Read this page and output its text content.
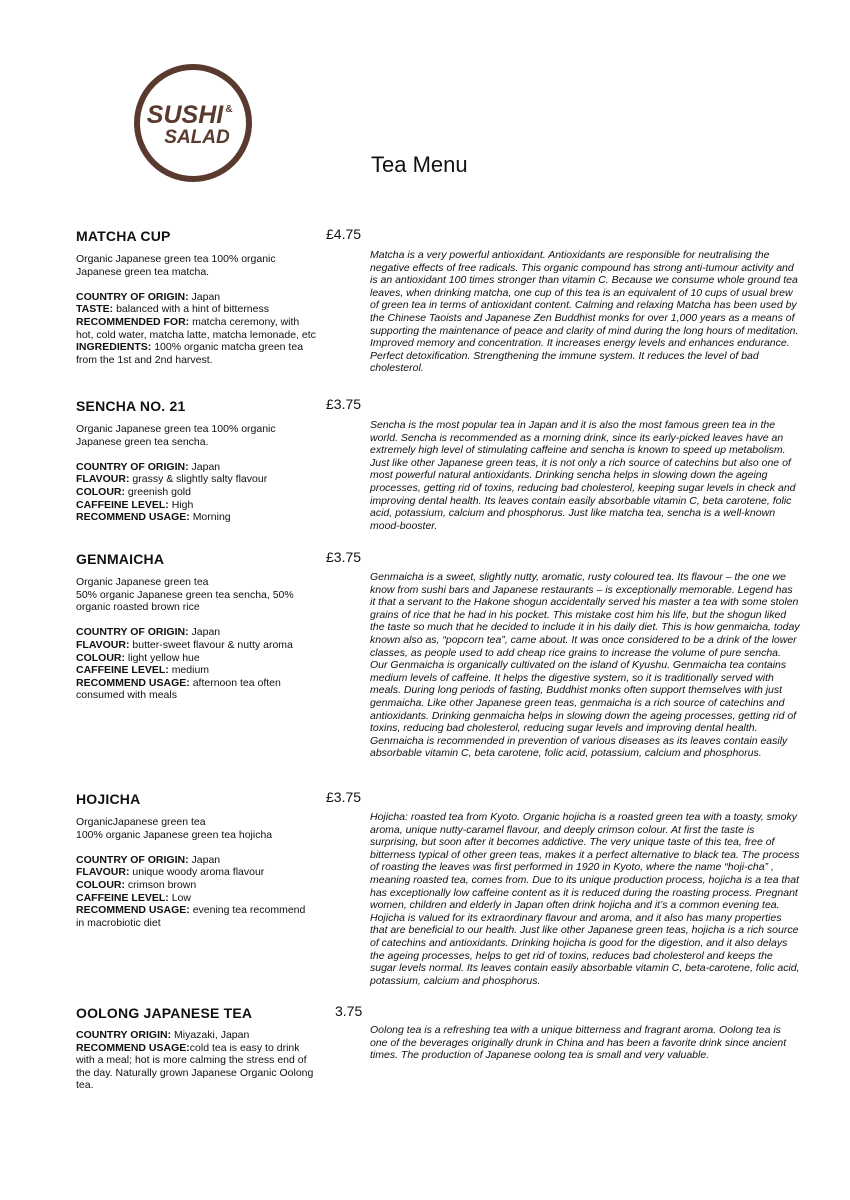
SUSHI &
SALAD
Tea Menu
MATCHA CUP	£4.75

Organic Japanese green tea 100% organic Japanese green tea matcha.

COUNTRY OF ORIGIN: Japan

TASTE: balanced with a hint of bitterness

RECOMMENDED FOR: matcha ceremony, with hot, cold water, matcha latte, matcha lemonade, etc

INGREDIENTS: 100% organic matcha green tea from the 1st and 2nd harvest.

Matcha is a very powerful antioxidant. Antioxidants are responsible for neutralising the negative effects of free radicals. This organic compound has strong anti-tumour activity and is an antioxidant 100 times stronger than vitamin C. Because we consume whole ground tea leaves, when drinking matcha, one cup of this tea is an equivalent of 10 cups of usual brew of green tea in terms of antioxidant content. Calming and relaxing Matcha has been used by the Chinese Taoists and Japanese Zen Buddhist monks for over 1,000 years as a means of supporting the maintenance of peace and clarity of mind during the long hours of meditation. Improved memory and concentration. It increases energy levels and enhances endurance. Perfect detoxification. Strengthening the immune system. It reduces the level of bad cholesterol.

SENCHA NO. 21	£3.75

Organic Japanese green tea 100% organic Japanese green tea sencha.

COUNTRY OF ORIGIN: Japan

FLAVOUR: grassy & slightly salty flavour

COLOUR: greenish gold

CAFFEINE LEVEL: High

RECOMMEND USAGE: Morning

Sencha is the most popular tea in Japan and it is also the most famous green tea in the world. Sencha is recommended as a morning drink, since its early-picked leaves have an extremely high level of stimulating caffeine and sencha is known to speed up metabolism. Just like other Japanese green teas, it is not only a rich source of catechins but also one of most powerful natural antioxidants. Drinking sencha helps in slowing down the ageing processes, getting rid of toxins, reducing bad cholesterol, keeping sugar levels in check and improving dental health. Its leaves contain easily absorbable vitamin C, beta carotene, folic acid, potassium, calcium and phosphorus. Just like matcha tea, sencha is a well-known mood-booster.

GENMAICHA	£3.75

Organic Japanese green tea

50% organic Japanese green tea sencha, 50% organic roasted brown rice

COUNTRY OF ORIGIN: Japan

FLAVOUR: butter-sweet flavour & nutty aroma

COLOUR: light yellow hue

CAFFEINE LEVEL: medium

RECOMMEND USAGE: afternoon tea often consumed with meals

Genmaicha is a sweet, slightly nutty, aromatic, rusty coloured tea. Its flavour – the one we know from sushi bars and Japanese restaurants – is exceptionally memorable. Legend has it that a servant to the Hakone shogun accidentally served his master a tea with some stolen grains of rice that he had in his pocket. This mistake cost him his life, but the shogun liked the taste so much that he decided to include it in his daily diet. This is how genmaicha, today known also as, “popcorn tea”, came about. It was once considered to be a drink of the lower classes, as people used to add cheap rice grains to increase the volume of pure sencha. Our Genmaicha is organically cultivated on the island of Kyushu. Genmaicha tea contains medium levels of caffeine. It helps the digestive system, so it is traditionally served with meals. During long periods of fasting, Buddhist monks often support themselves with just genmaicha. Like other Japanese green teas, genmaicha is a rich source of catechins and antioxidants. Drinking genmaicha helps in slowing down the ageing processes, getting rid of toxins, reducing bad cholesterol, reducing sugar levels and improving dental health. Genmaicha is recommended in prevention of various diseases as its leaves contain easily absorbable vitamin C, beta carotene, folic acid, potassium, calcium and phosphorus.

HOJICHA	£3.75

OrganicJapanese green tea

100% organic Japanese green tea hojicha

COUNTRY OF ORIGIN: Japan

FLAVOUR: unique woody aroma flavour

COLOUR: crimson brown

CAFFEINE LEVEL: Low

RECOMMEND USAGE: evening tea recommend in macrobiotic diet

Hojicha: roasted tea from Kyoto. Organic hojicha is a roasted green tea with a toasty, smoky aroma, unique nutty-caramel flavour, and deeply crimson colour. At first the taste is surprising, but soon after it becomes addictive. The very unique taste of this tea, free of bitterness typical of other green teas, makes it a perfect alternative to black tea. The process of roasting the leaves was first performed in 1920 in Kyoto, where the name “hoji-cha” , meaning roasted tea, comes from. Due to its unique production process, hojicha is a tea that has exceptionally low caffeine content as it is reduced during the roasting process. Pregnant women, children and elderly in Japan often drink hojicha and it’s a common evening tea. Hojicha is valued for its extraordinary flavour and aroma, and it also has many properties that are beneficial to our health. Just like other Japanese green teas, hojicha is a rich source of catechins and antioxidants. Drinking hojicha is good for the digestion, and it also delays the ageing processes, helps to get rid of toxins, reduces bad cholesterol and keeps the sugar levels normal. Its leaves contain easily absorbable vitamin C, beta-carotene, folic acid, potassium, calcium and phosphorus.

OOLONG JAPANESE TEA	3.75

COUNTRY ORIGIN: Miyazaki, Japan

RECOMMEND USAGE:cold tea is easy to drink with a meal; hot is more calming the stress end of the day. Naturally grown Japanese Organic Oolong tea.

Oolong tea is a refreshing tea with a unique bitterness and fragrant aroma. Oolong tea is one of the beverages originally drunk in China and has been a favorite drink since ancient times. The production of Japanese oolong tea is small and very valuable.
